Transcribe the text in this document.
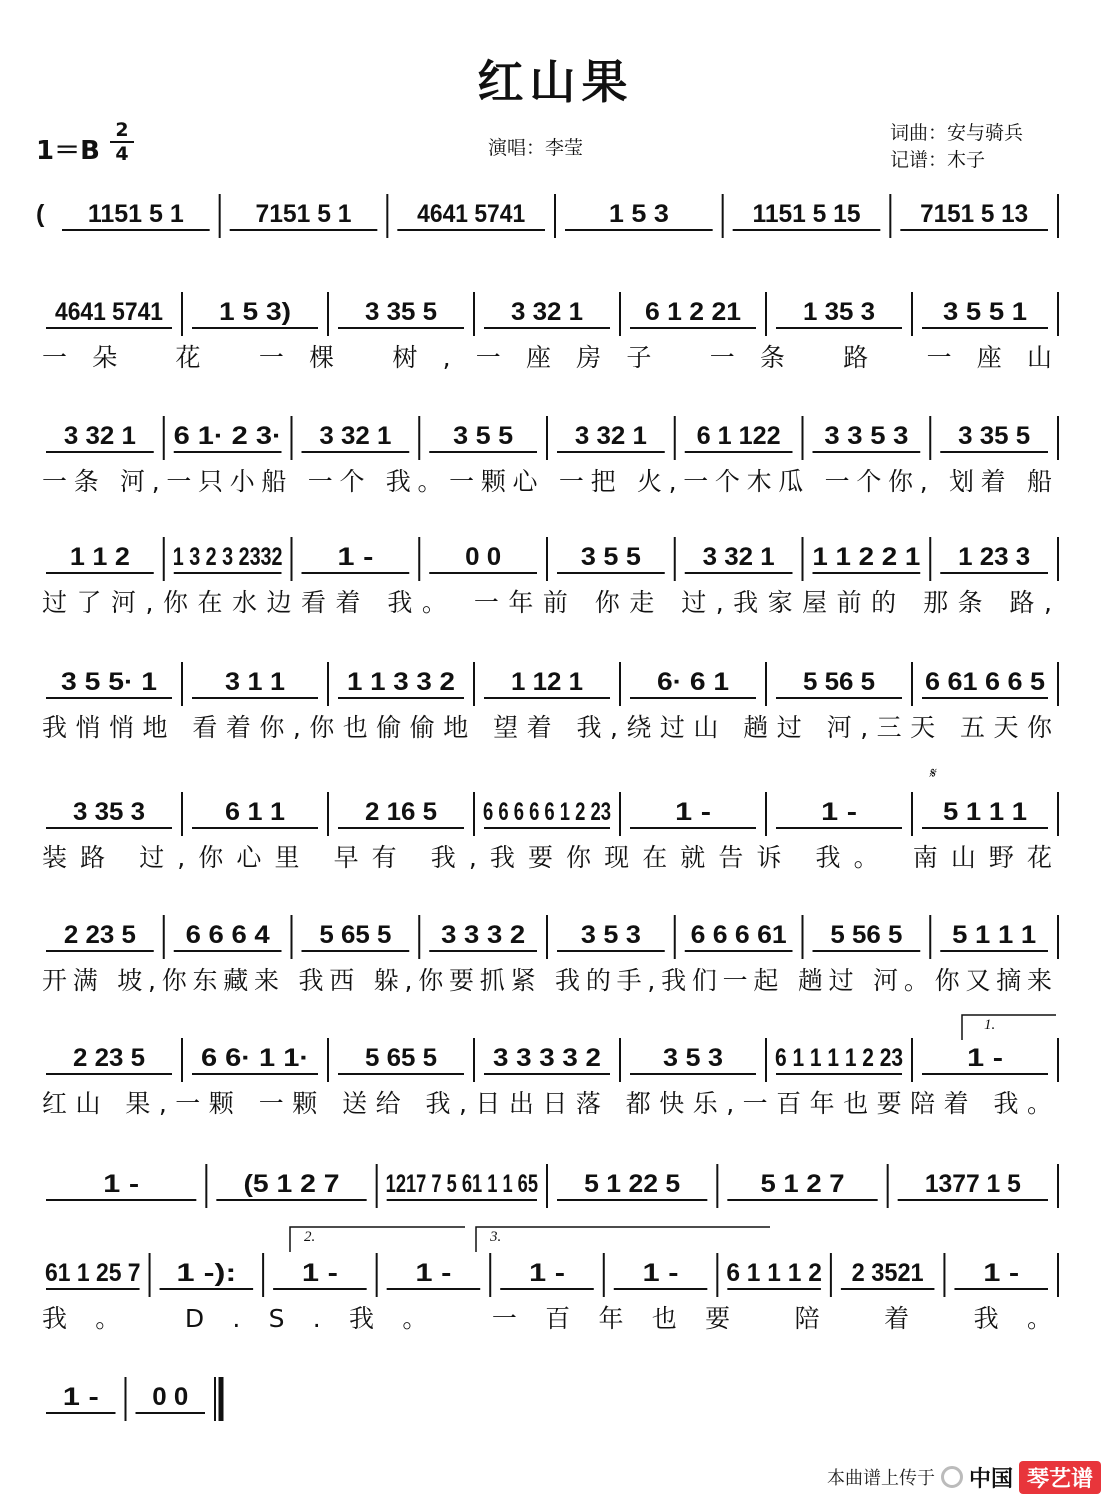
红山果
1＝B
2
4	演唱：李莹
词曲：安与骑兵
记谱：木子
( 1151 5 1	7151 5 1	4641 5741	1 5 3	1151 5 15 7151 5 13
4641 5741 1 5 3)	3 35 5	3 32 1 6 1 2 21 1 35 3	3 5 5 1
一朵 花 一棵 树,一座房子 一条 路 一座山
3 32 1 6 1· 2 3· 3 32 1 3 5 5 3 32 1 6 1 122 3 3 5 3 3 35 5
一条 河,一只小船 一个 我。一颗心 一把 火,一个木瓜 一个你, 划着 船
1 1 2 1 3 2 3 2332 1 -	0 0	3 5 5 3 32 1 1 1 2 2 1 1 23 3
过了河,你在水边看着 我。 一年前 你走 过,我家屋前的 那条 路,
3 5 5· 1	3 1 1 1 1 3 3 2 1 12 1	6· 6 1	5 56 5 6 61 6 6 5
我悄悄地 看着你,你也偷偷地 望着 我,绕过山 趟过 河,三天 五天你
3 35 3	6 1 1	2 16 5 6 6 6 6 6 1 2 23	1 -	1 -	5 1 1 1
装路 过,你心里 早有 我,我要你现在就告诉 我。 南山野花
2 23 5 6 6 6 4 5 65 5 3 3 3 2 3 5 3 6 6 6 61 5 56 5 5 1 1 1
开满 坡,你东藏来 我西 躲,你要抓紧 我的手,我们一起 趟过 河。你又摘来
2 23 5 6 6· 1 1· 5 65 5 3 3 3 3 2 3 5 3 6 1 1 1 1 2 23	1 -
红山 果,一颗 一颗 送给 我,日出日落 都快乐,一百年也要陪着 我。
1 -	(5 1 2 7 1217 7 5 61 1 1 65 5 1 22 5	5 1 2 7	1377 1 5
61 1 25 7 1 -):	1 -	1 -	1 -	1 - 6 1 1 1 2 2 3521 1 -
我。 D.S.我。 一百年也要 陪 着 我。
1 - 0 0
𝄋
1.
2.	3.
本曲谱上传于 中国 琴艺谱
